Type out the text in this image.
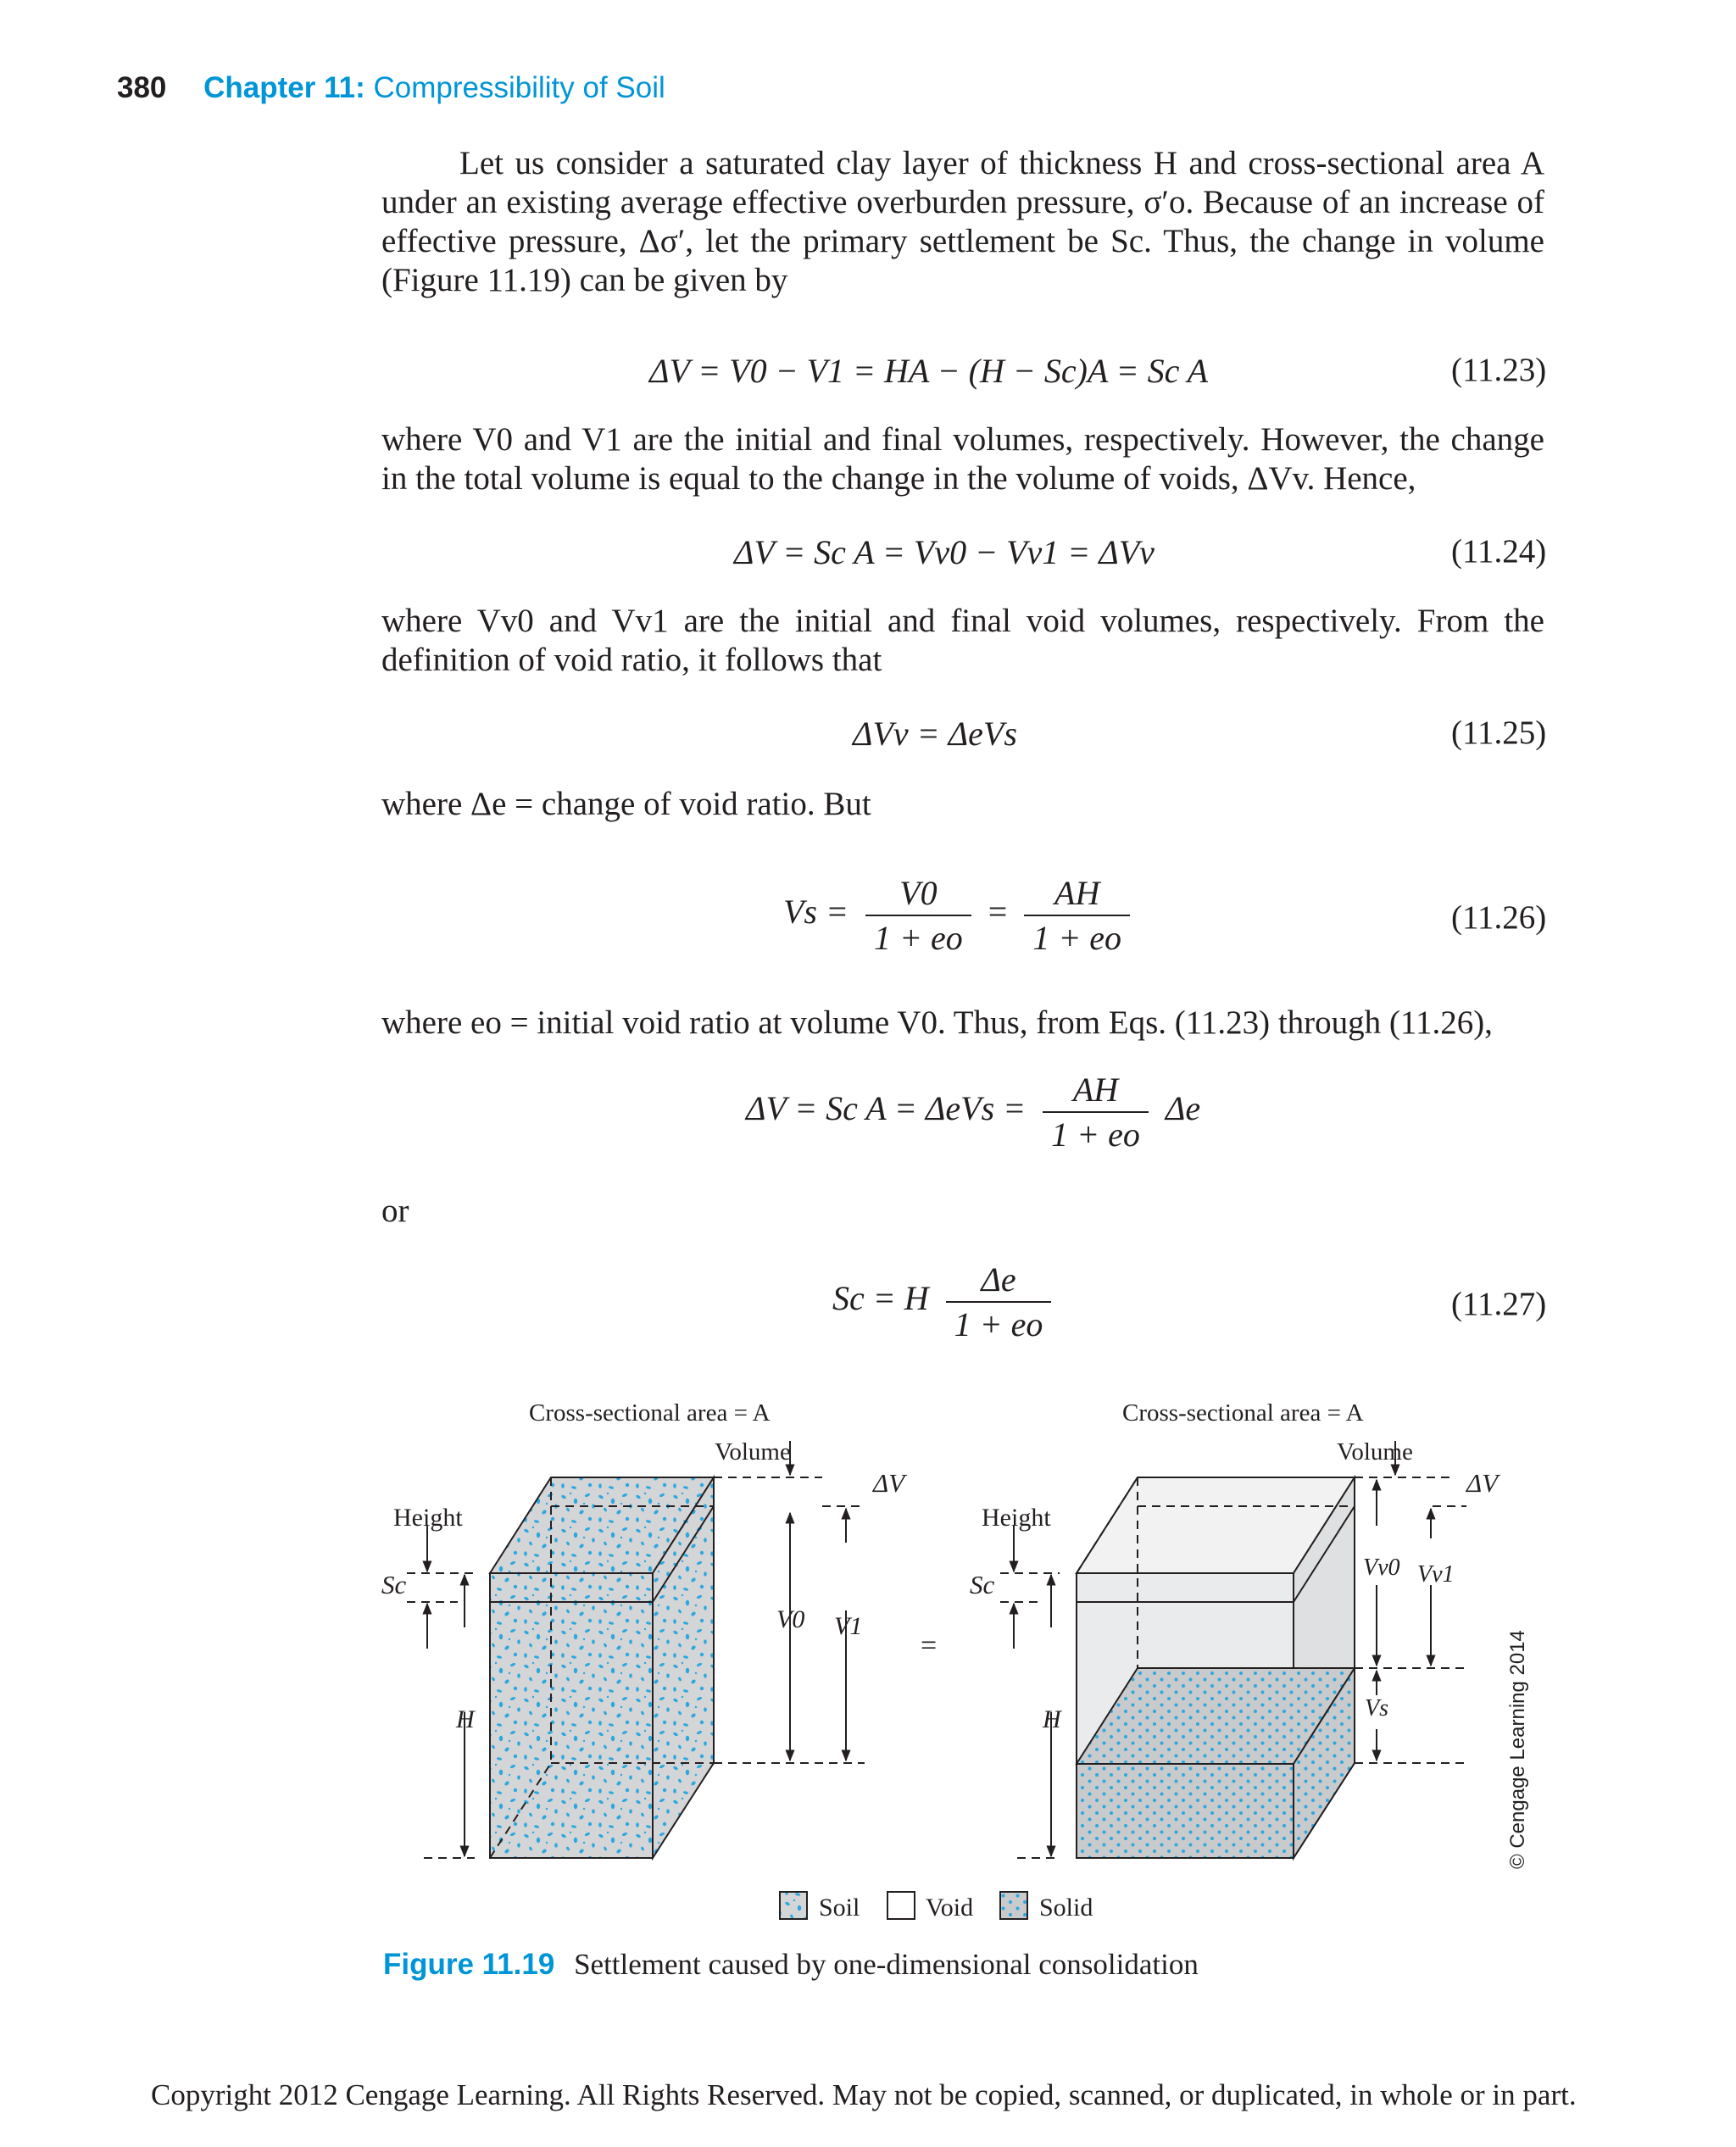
380 Chapter 11: Compressibility of Soil
Let us consider a saturated clay layer of thickness H and cross-sectional area A under an existing average effective overburden pressure, σ′o. Because of an increase of effective pressure, Δσ′, let the primary settlement be Sc. Thus, the change in volume (Figure 11.19) can be given by
ΔV = V0 − V1 = HA − (H − Sc)A = Sc A	(11.23)
where V0 and V1 are the initial and final volumes, respectively. However, the change in the total volume is equal to the change in the volume of voids, ΔVv. Hence,
ΔV = Sc A = Vv0 − Vv1 = ΔVv	(11.24)
where Vv0 and Vv1 are the initial and final void volumes, respectively. From the definition of void ratio, it follows that
ΔVv = ΔeVs	(11.25)
where Δe = change of void ratio. But
$Vs = \frac{V0}{1 + eo} = \frac{AH}{1 + eo}$	(11.26)
where eo = initial void ratio at volume V0. Thus, from Eqs. (11.23) through (11.26),
ΔV = Sc $A = \Delta eVs = \frac{AH}{1 + eo}$ Δe
or
Sc = H $\frac{\Delta e}{1 + eo}$	(11.27)
Cross-sectional area = A	Cross-sectional area = A
Volume	Volume
ΔV	ΔV
Height	Height
Sc	Sc
H	H
V0 V1
=
Vv0 Vv1
Vs
Soil	Void	Solid
© Cengage Learning 2014
Figure 11.19 Settlement caused by one-dimensional consolidation
Copyright 2012 Cengage Learning. All Rights Reserved. May not be copied, scanned, or duplicated, in whole or in part.
